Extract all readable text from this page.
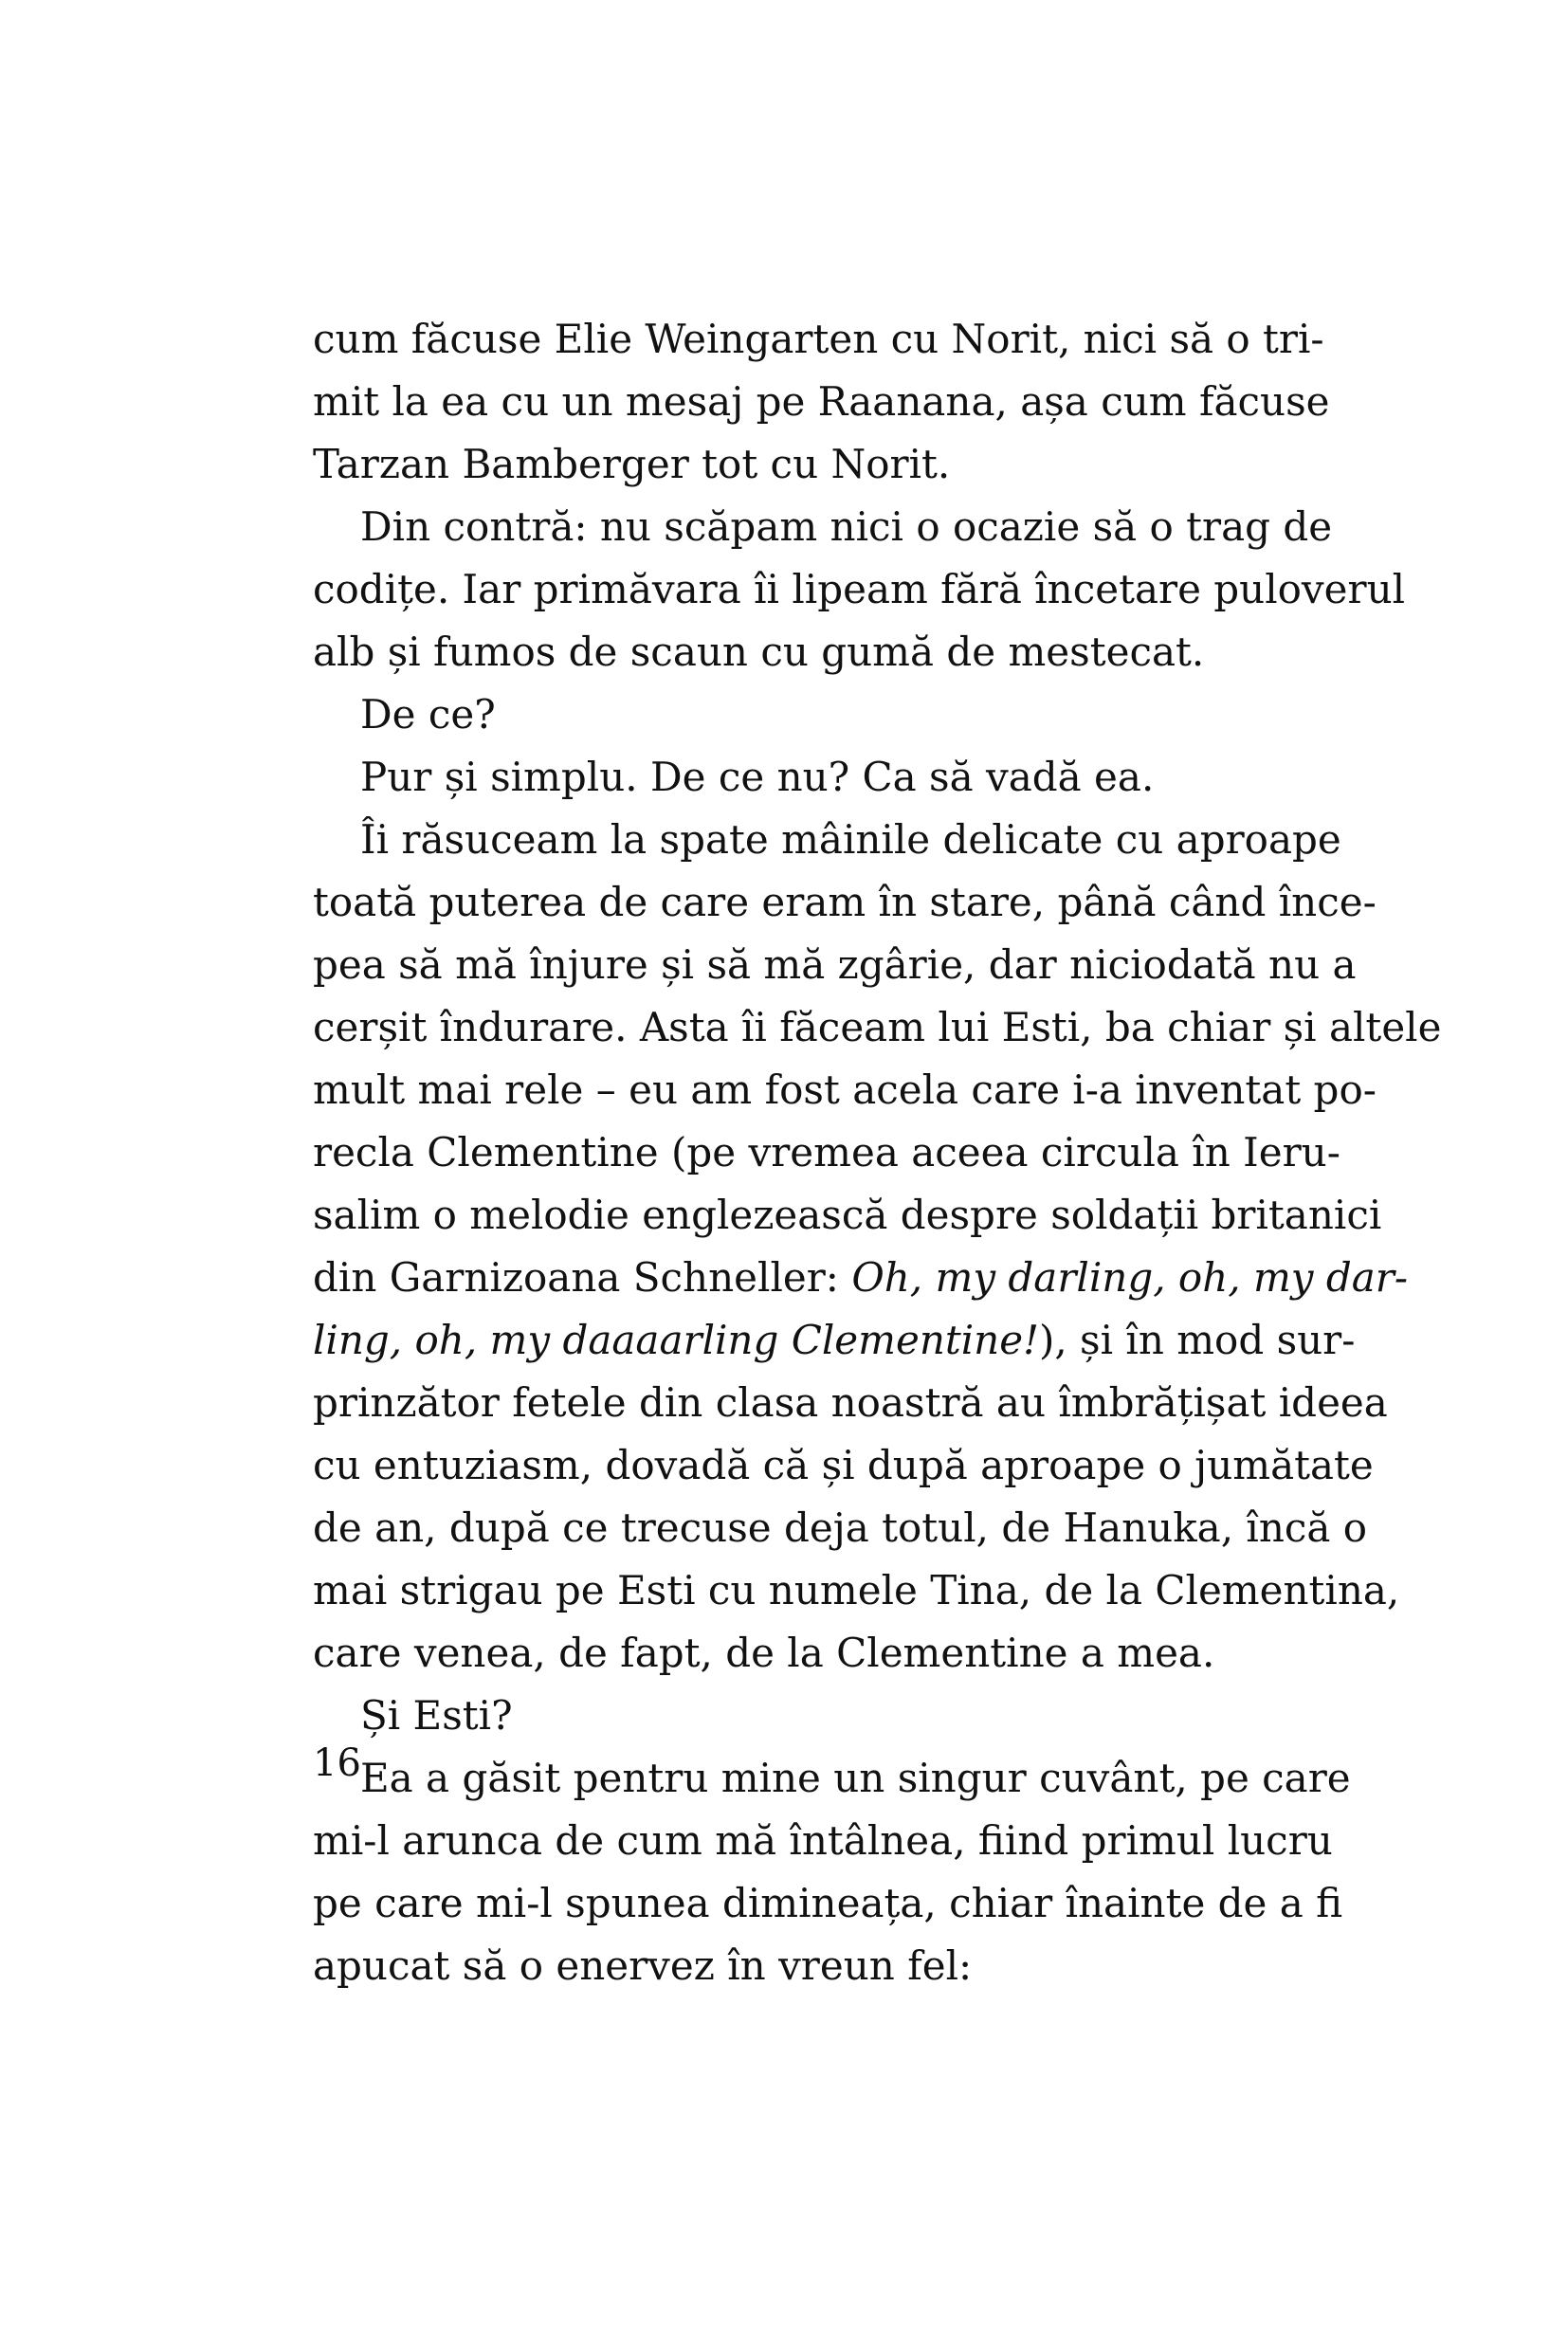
cum făcuse Elie Weingarten cu Norit, nici să o tri-
mit la ea cu un mesaj pe Raanana, așa cum făcuse
Tarzan Bamberger tot cu Norit.
Din contră: nu scăpam nici o ocazie să o trag de
codițe. Iar primăvara îi lipeam fără încetare puloverul
alb și fumos de scaun cu gumă de mestecat.
De ce?
Pur și simplu. De ce nu? Ca să vadă ea.
Îi răsuceam la spate mâinile delicate cu aproape
toată puterea de care eram în stare, până când înce-
pea să mă înjure și să mă zgârie, dar niciodată nu a
cerșit îndurare. Asta îi făceam lui Esti, ba chiar și altele
mult mai rele – eu am fost acela care i-a inventat po-
recla Clementine (pe vremea aceea circula în Ieru-
salim o melodie englezească despre soldații britanici
din Garnizoana Schneller: Oh, my darling, oh, my dar-
ling, oh, my daaaarling Clementine!), și în mod sur-
prinzător fetele din clasa noastră au îmbrățișat ideea
cu entuziasm, dovadă că și după aproape o jumătate
de an, după ce trecuse deja totul, de Hanuka, încă o
mai strigau pe Esti cu numele Tina, de la Clementina,
care venea, de fapt, de la Clementine a mea.
Și Esti?
Ea a găsit pentru mine un singur cuvânt, pe care
mi-l arunca de cum mă întâlnea, fiind primul lucru
pe care mi-l spunea dimineața, chiar înainte de a fi
apucat să o enervez în vreun fel:
16
